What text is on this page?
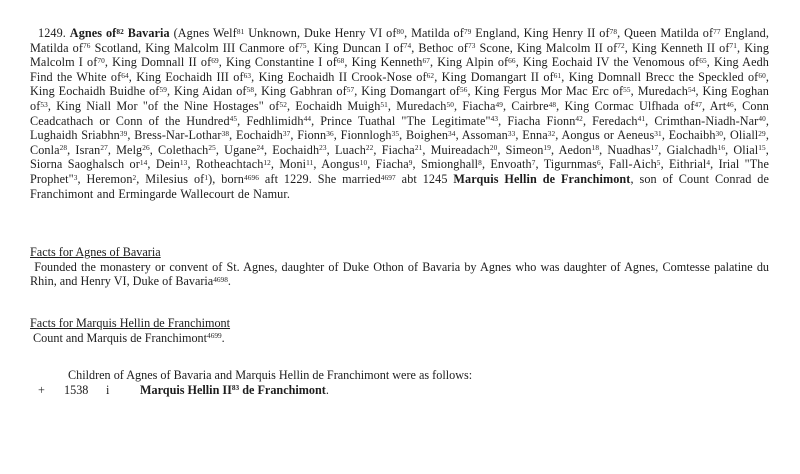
1249. Agnes $of^{82}$ Bavaria (Agnes Welf$^{81}$ Unknown, Duke Henry VI $of^{80}$, Matilda $of^{79}$ England, King Henry II $of^{78}$, Queen Matilda $of^{77}$ England, Matilda $of^{76}$ Scotland, King Malcolm III Canmore $of^{75}$, King Duncan I $of^{74}$, Bethoc $of^{73}$ Scone, King Malcolm II $of^{72}$, King Kenneth II $of^{71}$, King Malcolm I $of^{70}$, King Domnall II $of^{69}$, King Constantine I $of^{68}$, King Kenneth$^{67}$, King Alpin $of^{66}$, King Eochaid IV the Venomous $of^{65}$, King Aedh Find the White $of^{64}$, King Eochaidh III $of^{63}$, King Eochaidh II Crook-Nose $of^{62}$, King Domangart II $of^{61}$, King Domnall Brecc the Speckled $of^{60}$, King Eochaidh Buidhe $of^{59}$, King Aidan $of^{58}$, King Gabhran $of^{57}$, King Domangart $of^{56}$, King Fergus Mor Mac Erc $of^{55}$, Muredach$^{54}$, King Eoghan $of^{53}$, King Niall Mor "of the Nine Hostages" $of^{52}$, Eochaidh Muigh$^{51}$, Muredach$^{50}$, Fiacha$^{49}$, Cairbre$^{48}$, King Cormac Ulfhada $of^{47}$, Art$^{46}$, Conn Ceadcathach or Conn of the Hundred$^{45}$, Fedhlimidh$^{44}$, Prince Tuathal "The Legitimate"$^{43}$, Fiacha Fionn$^{42}$, Feredach$^{41}$, Crimthan-Niadh-Nar$^{40}$, Lughaidh Sriabhn$^{39}$, Bress-Nar-Lothar$^{38}$, Eochaidh$^{37}$, Fionn$^{36}$, Fionnlogh$^{35}$, Boighen$^{34}$, Assoman$^{33}$, Enna$^{32}$, Aongus or Aeneus$^{31}$, Eochaibh$^{30}$, Oliall$^{29}$, Conla$^{28}$, Isran$^{27}$, Melg$^{26}$, Colethach$^{25}$, Ugane$^{24}$, Eochaidh$^{23}$, Luach$^{22}$, Fiacha$^{21}$, Muireadach$^{20}$, Simeon$^{19}$, Aedon$^{18}$, Nuadhas$^{17}$, Gialchadh$^{16}$, Olial$^{15}$, Siorna Saoghalsch $or^{14}$, Dein$^{13}$, Rotheachtach$^{12}$, Moni$^{11}$, Aongus$^{10}$, Fiacha$^9$, Smionghall$^8$, Envoath$^7$, Tigurnmas$^6$, Fall-Aich$^5$, Eithrial$^4$, Irial "The Prophet"$^3$, Heremon$^2$, Milesius $of^1$), born$^{4696}$ aft 1229. She married$^{4697}$ abt 1245 Marquis Hellin de Franchimont, son of Count Conrad de Franchimont and Ermingarde Wallecourt de Namur.

Facts for Agnes of Bavaria

Founded the monastery or convent of St. Agnes, daughter of Duke Othon of Bavaria by Agnes who was daughter of Agnes, Comtesse palatine du Rhin, and Henry VI, Duke of Bavaria$^{4698}$.

Facts for Marquis Hellin de Franchimont

Count and Marquis de Franchimont$^{4699}$.

Children of Agnes of Bavaria and Marquis Hellin de Franchimont were as follows:

+ 1538 i	Marquis Hellin II$^{83}$ de Franchimont.
